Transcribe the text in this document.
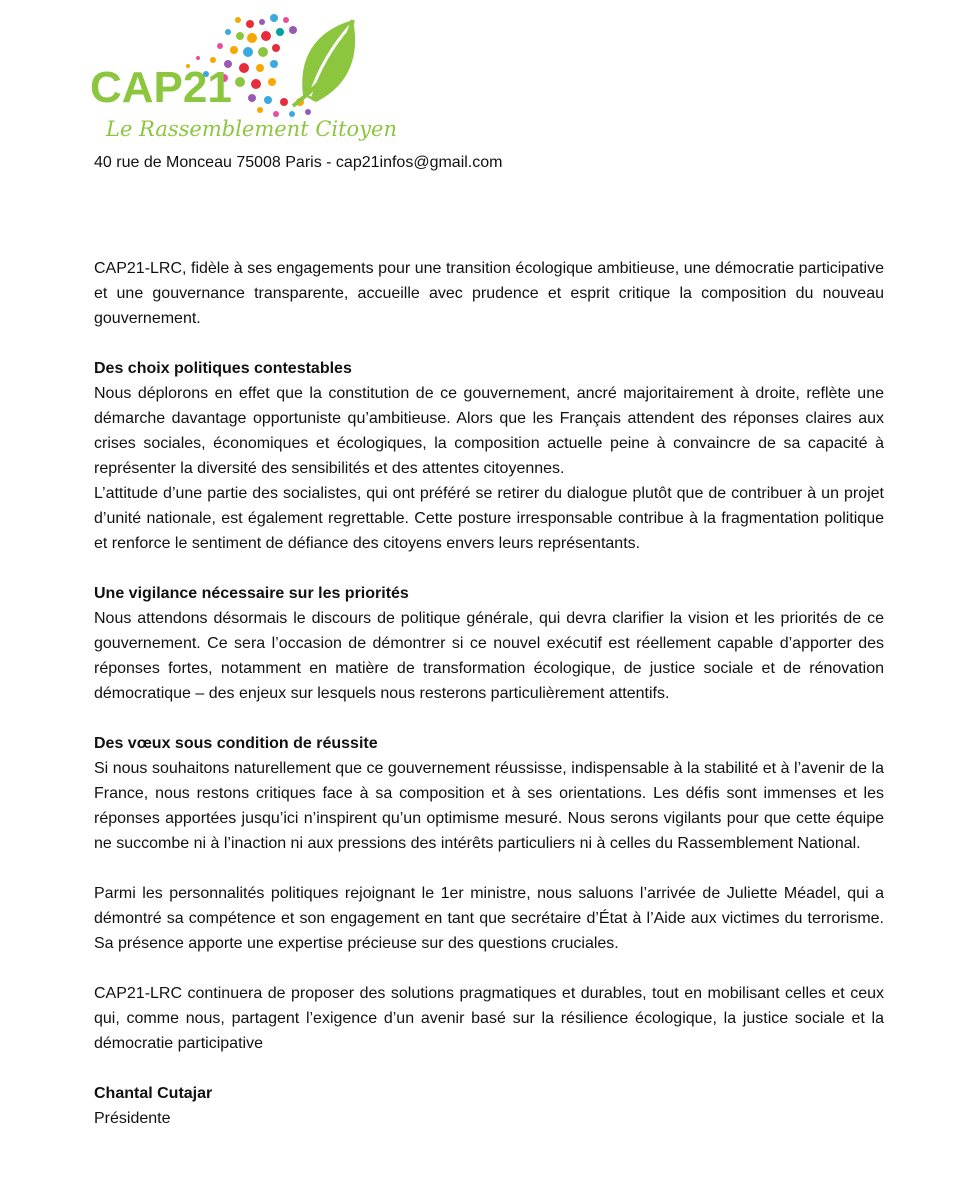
CAP21
Le Rassemblement Citoyen
40 rue de Monceau 75008 Paris - cap21infos@gmail.com

CAP21-LRC, fidèle à ses engagements pour une transition écologique ambitieuse, une démocratie participative et une gouvernance transparente, accueille avec prudence et esprit critique la composition du nouveau gouvernement.

Des choix politiques contestables

Nous déplorons en effet que la constitution de ce gouvernement, ancré majoritairement à droite, reflète une démarche davantage opportuniste qu’ambitieuse. Alors que les Français attendent des réponses claires aux crises sociales, économiques et écologiques, la composition actuelle peine à convaincre de sa capacité à représenter la diversité des sensibilités et des attentes citoyennes.

L’attitude d’une partie des socialistes, qui ont préféré se retirer du dialogue plutôt que de contribuer à un projet d’unité nationale, est également regrettable. Cette posture irresponsable contribue à la fragmentation politique et renforce le sentiment de défiance des citoyens envers leurs représentants.

Une vigilance nécessaire sur les priorités

Nous attendons désormais le discours de politique générale, qui devra clarifier la vision et les priorités de ce gouvernement. Ce sera l’occasion de démontrer si ce nouvel exécutif est réellement capable d’apporter des réponses fortes, notamment en matière de transformation écologique, de justice sociale et de rénovation démocratique – des enjeux sur lesquels nous resterons particulièrement attentifs.

Des vœux sous condition de réussite

Si nous souhaitons naturellement que ce gouvernement réussisse, indispensable à la stabilité et à l’avenir de la France, nous restons critiques face à sa composition et à ses orientations. Les défis sont immenses et les réponses apportées jusqu’ici n’inspirent qu’un optimisme mesuré. Nous serons vigilants pour que cette équipe ne succombe ni à l’inaction ni aux pressions des intérêts particuliers ni à celles du Rassemblement National.

Parmi les personnalités politiques rejoignant le 1er ministre, nous saluons l’arrivée de Juliette Méadel, qui a démontré sa compétence et son engagement en tant que secrétaire d’État à l’Aide aux victimes du terrorisme. Sa présence apporte une expertise précieuse sur des questions cruciales.

CAP21-LRC continuera de proposer des solutions pragmatiques et durables, tout en mobilisant celles et ceux qui, comme nous, partagent l’exigence d’un avenir basé sur la résilience écologique, la justice sociale et la démocratie participative

Chantal Cutajar

Présidente
